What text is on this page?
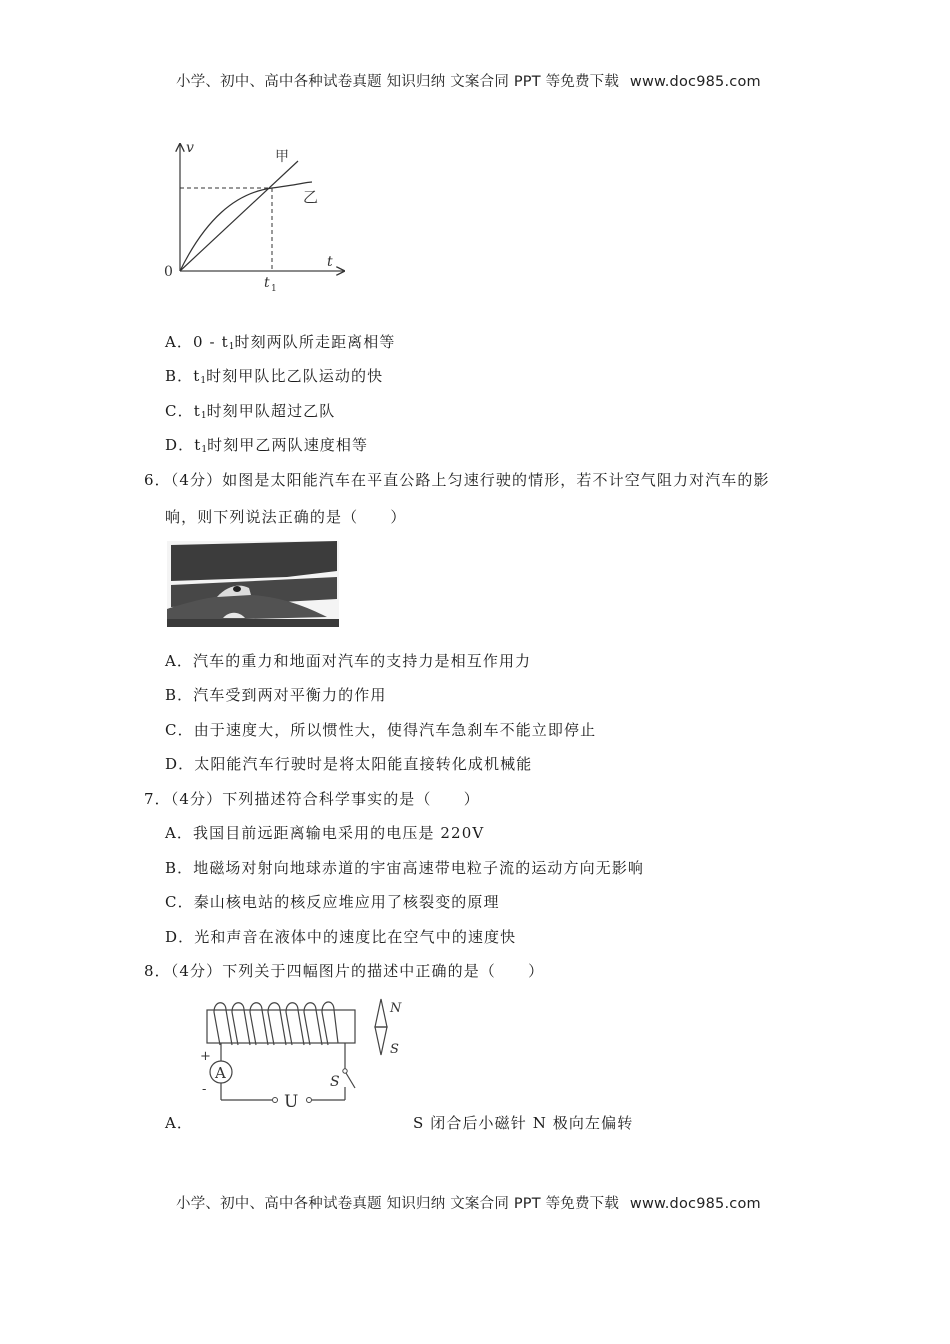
小学、初中、高中各种试卷真题 知识归纳 文案合同 PPT 等免费下载 www.doc985.com
v
t
0
t 1
甲
乙
A．$0 - t_1$时刻两队所走距离相等
B．$t_1$时刻甲队比乙队运动的快
C．$t_1$时刻甲队超过乙队
D．$t_1$时刻甲乙两队速度相等
6．（4分）如图是太阳能汽车在平直公路上匀速行驶的情形，若不计空气阻力对汽车的影
响，则下列说法正确的是（　　）
A．汽车的重力和地面对汽车的支持力是相互作用力
B．汽车受到两对平衡力的作用
C．由于速度大，所以惯性大，使得汽车急刹车不能立即停止
D．太阳能汽车行驶时是将太阳能直接转化成机械能
7．（4分）下列描述符合科学事实的是（　　）
A．我国目前远距离输电采用的电压是 220V
B．地磁场对射向地球赤道的宇宙高速带电粒子流的运动方向无影响
C．秦山核电站的核反应堆应用了核裂变的原理
D．光和声音在液体中的速度比在空气中的速度快
8．（4分）下列关于四幅图片的描述中正确的是（　　）
A
+
-
U
S
N
S
A．	S 闭合后小磁针 N 极向左偏转
小学、初中、高中各种试卷真题 知识归纳 文案合同 PPT 等免费下载 www.doc985.com
